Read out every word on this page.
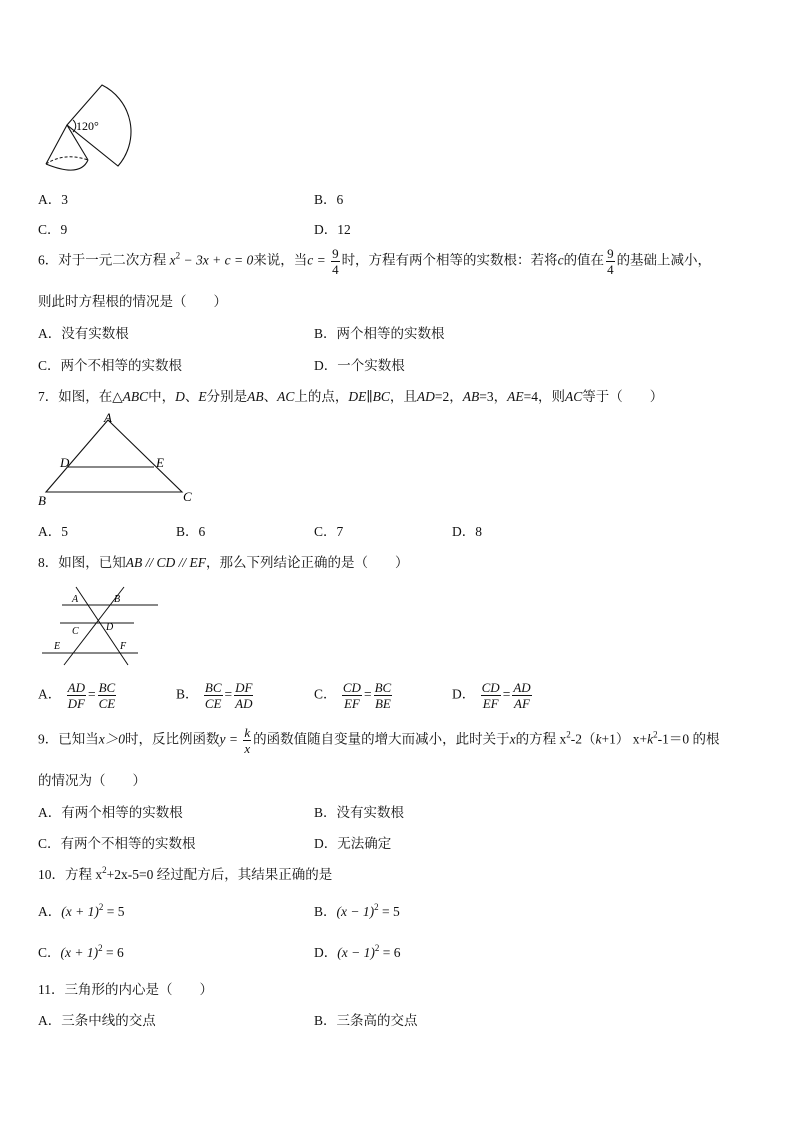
120°
A．3	B．6
C．9	D．12
6．对于一元二次方程 $x^2 - 3x + c = 0$来说，当$c = \frac{9}{4}$ 时，方程有两个相等的实数根：若将c的值在 $\frac{9}{4}$ 的基础上减小，
则此时方程根的情况是（　　）
A．没有实数根	B．两个相等的实数根
C．两个不相等的实数根	D．一个实数根
7．如图，在△ABC中，D、E分别是AB、AC上的点，DE∥BC，且AD=2，AB=3，AE=4，则AC等于（　　）
A
D	E
B	C
A．5	B．6	C．7	D．8
8．如图，已知AB // CD // EF，那么下列结论正确的是（　　）
A	B
C	D
E	F
A． $\frac{AD}{DF} = \frac{BC}{CE}$	B． $\frac{BC}{CE} = \frac{DF}{AD}$	C． $\frac{CD}{EF} = \frac{BC}{BE}$	D． $\frac{CD}{EF} = \frac{AD}{AF}$
9．已知当x＞0时，反比例函数$y = \frac{k}{x}$ 的函数值随自变量的增大而减小，此时关于x的方程 $x^2-2(k+1)$ $x+k^2-1=0$ 的根
的情况为（　　）
A．有两个相等的实数根	B．没有实数根
C．有两个不相等的实数根	D．无法确定
10．方程 $x^2+2x-5=0$ 经过配方后，其结果正确的是
A．$(x + 1)^2 = 5$	B．$(x - 1)^2 = 5$
C．$(x + 1)^2 = 6$	D．$(x - 1)^2 = 6$
11．三角形的内心是（　　）
A．三条中线的交点	B．三条高的交点
